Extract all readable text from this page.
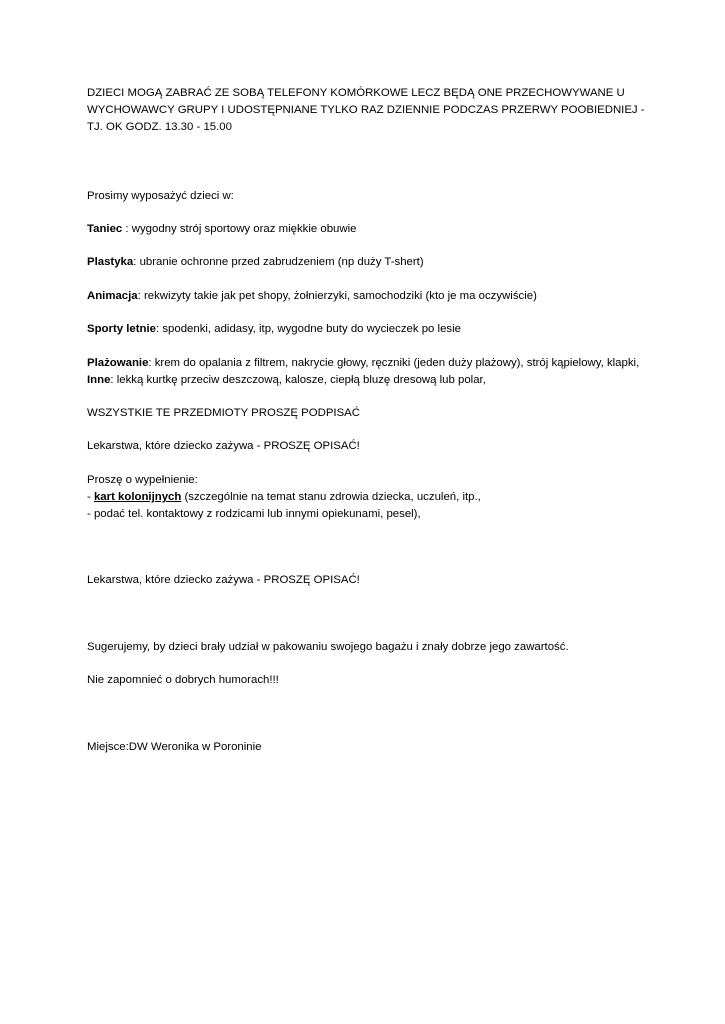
DZIECI MOGĄ ZABRAĆ ZE SOBĄ TELEFONY KOMÓRKOWE LECZ BĘDĄ ONE PRZECHOWYWANE U
WYCHOWAWCY GRUPY I UDOSTĘPNIANE TYLKO RAZ DZIENNIE PODCZAS PRZERWY POOBIEDNIEJ -
TJ. OK GODZ. 13.30 - 15.00
Prosimy wyposażyć dzieci w:
Taniec : wygodny strój sportowy oraz miękkie obuwie
Plastyka: ubranie ochronne przed zabrudzeniem (np duży T-shert)
Animacja: rekwizyty takie jak pet shopy, żołnierzyki, samochodziki (kto je ma oczywiście)
Sporty letnie: spodenki, adidasy, itp, wygodne buty do wycieczek po lesie
Plażowanie: krem do opalania z filtrem, nakrycie głowy, ręczniki (jeden duży plażowy), strój kąpielowy, klapki,
Inne: lekką kurtkę przeciw deszczową, kalosze, ciepłą bluzę dresową lub polar,
WSZYSTKIE TE PRZEDMIOTY PROSZĘ PODPISAĆ
Lekarstwa, które dziecko zażywa - PROSZĘ OPISAĆ!
Proszę o wypełnienie:
- kart kolonijnych (szczególnie na temat stanu zdrowia dziecka, uczuleń, itp.,
- podać tel. kontaktowy z rodzicami lub innymi opiekunami, pesel),
Lekarstwa, które dziecko zażywa - PROSZĘ OPISAĆ!
Sugerujemy, by dzieci brały udział w pakowaniu swojego bagażu i znały dobrze jego zawartość.
Nie zapomnieć o dobrych humorach!!!
Miejsce:DW Weronika w Poroninie
